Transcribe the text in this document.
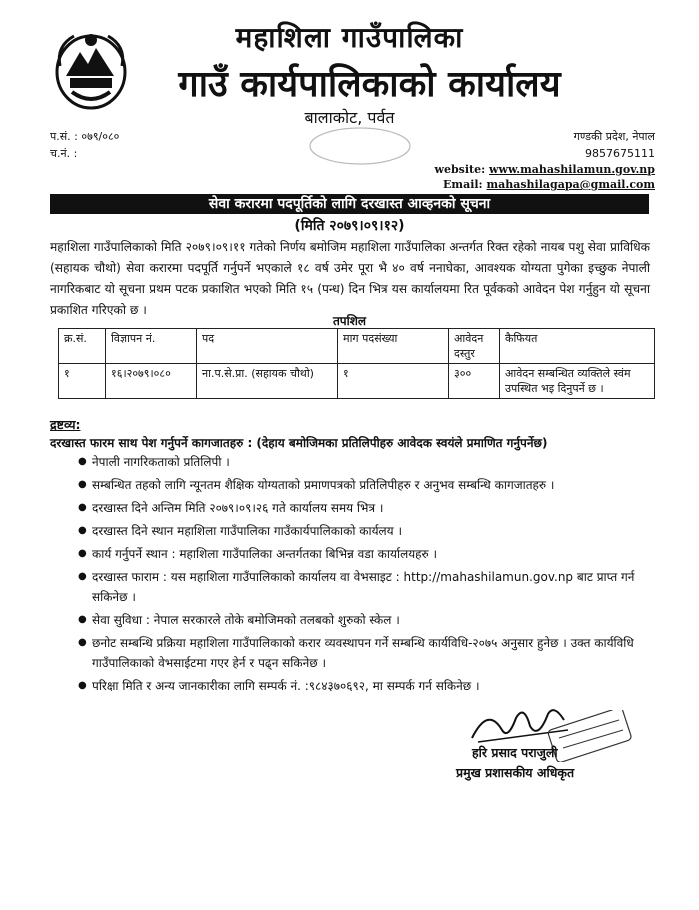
महाशिला गाउँपालिका
गाउँ कार्यपालिकाको कार्यालय
बालाकोट, पर्वत
प.सं. : ०७९/०८०
च.नं. :
गण्डकी प्रदेश, नेपाल
9857675111
website: www.mahashilamun.gov.np
Email: mahashilagapa@gmail.com
सेवा करारमा पदपूर्तिको लागि दरखास्त आव्हनको सूचना
(मिति २०७९।०९।१२)
महाशिला गाउँपालिकाको मिति २०७९।०९।११ गतेको निर्णय बमोजिम महाशिला गाउँपालिका अन्तर्गत रिक्त रहेको नायब पशु सेवा प्राविधिक (सहायक चौथो) सेवा करारमा पदपूर्ति गर्नुपर्ने भएकाले १८ वर्ष उमेर पूरा भै ४० वर्ष ननाघेका, आवश्यक योग्यता पुगेका इच्छुक नेपाली नागरिकबाट यो सूचना प्रथम पटक प्रकाशित भएको मिति १५ (पन्ध) दिन भित्र यस कार्यालयमा रित पूर्वकको आवेदन पेश गर्नुहुन यो सूचना प्रकाशित गरिएको छ ।
तपशिल
क्र.सं.	विज्ञापन नं.	पद	माग पदसंख्या	आवेदन दस्तुर	कैफियत
१	१६।२०७९।०८०	ना.प.से.प्रा. (सहायक चौथो)	१	३००	आवेदन सम्बन्धित व्यक्तिले स्वंम उपस्थित भइ दिनुपर्ने छ ।
द्रष्टव्य:
दरखास्त फारम साथ पेश गर्नुपर्ने कागजातहरु : (देहाय बमोजिमका प्रतिलिपीहरु आवेदक स्वयंले प्रमाणित गर्नुपर्नेछ)
● नेपाली नागरिकताको प्रतिलिपी ।
● सम्बन्धित तहको लागि न्यूनतम शैक्षिक योग्यताको प्रमाणपत्रको प्रतिलिपीहरु र अनुभव सम्बन्धि कागजातहरु ।
● दरखास्त दिने अन्तिम मिति २०७९।०९।२६ गते कार्यालय समय भित्र ।
● दरखास्त दिने स्थान महाशिला गाउँपालिका गाउँकार्यपालिकाको कार्यलय ।
● कार्य गर्नुपर्ने स्थान : महाशिला गाउँपालिका अन्तर्गतका बिभिन्न वडा कार्यालयहरु ।
● दरखास्त फाराम : यस महाशिला गाउँपालिकाको कार्यालय वा वेभसाइट : http://mahashilamun.gov.np बाट प्राप्त गर्न सकिनेछ ।
● सेवा सुविधा : नेपाल सरकारले तोके बमोजिमको तलबको शुरुको स्केल ।
● छनोट सम्बन्धि प्रक्रिया महाशिला गाउँपालिकाको करार व्यवस्थापन गर्ने सम्बन्धि कार्यविधि-२०७५ अनुसार हुनेछ । उक्त कार्यविधि गाउँपालिकाको वेभसाईटमा गएर हेर्न र पढ्न सकिनेछ ।
● परिक्षा मिति र अन्य जानकारीका लागि सम्पर्क नं. :९८४३७०६९२, मा सम्पर्क गर्न सकिनेछ ।
हरि प्रसाद पराजुली
प्रमुख प्रशासकीय अधिकृत
